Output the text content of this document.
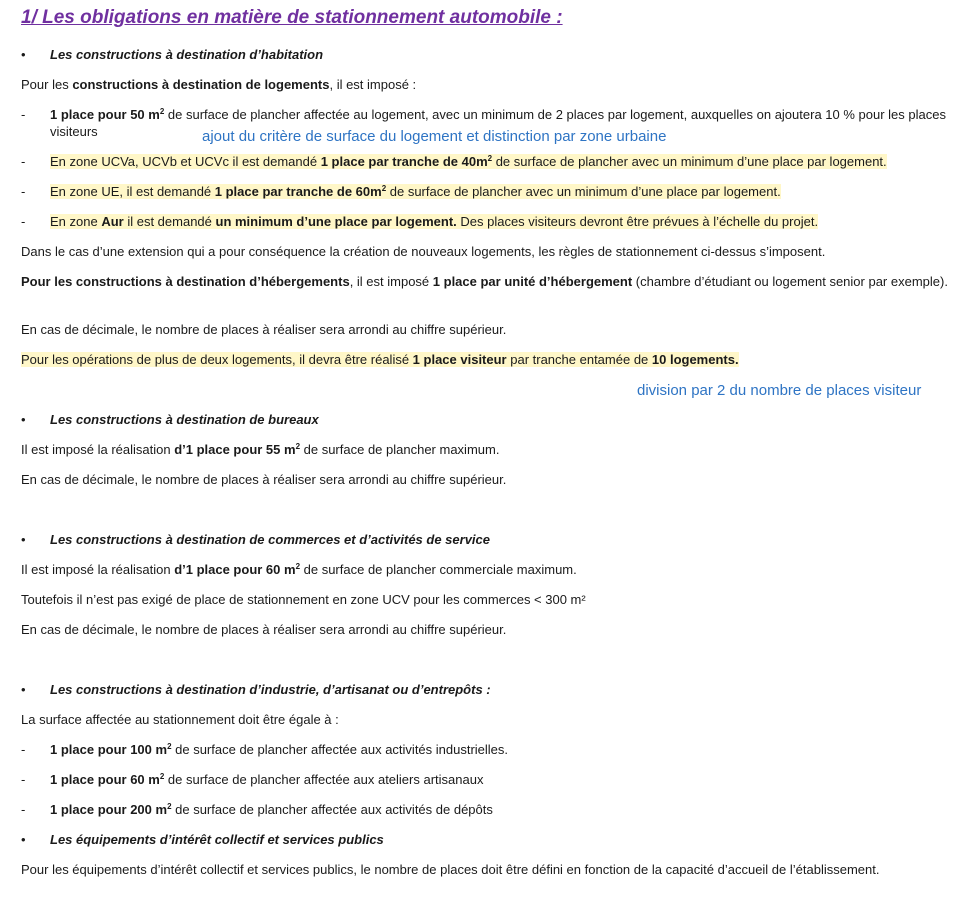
1/ Les obligations en matière de stationnement automobile :
•	Les constructions à destination d’habitation
Pour les constructions à destination de logements, il est imposé :
-	1 place pour 50 $m^2$ de surface de plancher affectée au logement, avec un minimum de 2 places par logement, auxquelles on ajoutera 10 % pour les places visiteurs	ajout du critère de surface du logement et distinction par zone urbaine
-	En zone UCVa, UCVb et UCVc il est demandé 1 place par tranche de $40m^2$ de surface de plancher avec un minimum d’une place par logement.
-	En zone UE, il est demandé 1 place par tranche de $60m^2$ de surface de plancher avec un minimum d’une place par logement.
-	En zone Aur il est demandé un minimum d’une place par logement. Des places visiteurs devront être prévues à l’échelle du projet.
Dans le cas d’une extension qui a pour conséquence la création de nouveaux logements, les règles de stationnement ci-dessus s’imposent.
Pour les constructions à destination d’hébergements, il est imposé 1 place par unité d’hébergement (chambre d’étudiant ou logement senior par exemple).
En cas de décimale, le nombre de places à réaliser sera arrondi au chiffre supérieur.
Pour les opérations de plus de deux logements, il devra être réalisé 1 place visiteur par tranche entamée de 10 logements.
division par 2 du nombre de places visiteur
•	Les constructions à destination de bureaux
Il est imposé la réalisation d’1 place pour 55 $m^2$ de surface de plancher maximum.
En cas de décimale, le nombre de places à réaliser sera arrondi au chiffre supérieur.
•	Les constructions à destination de commerces et d’activités de service
Il est imposé la réalisation d’1 place pour 60 $m^2$ de surface de plancher commerciale maximum.
Toutefois il n’est pas exigé de place de stationnement en zone UCV pour les commerces < 300 m²
En cas de décimale, le nombre de places à réaliser sera arrondi au chiffre supérieur.
•	Les constructions à destination d’industrie, d’artisanat ou d’entrepôts :
La surface affectée au stationnement doit être égale à :
-	1 place pour 100 $m^2$ de surface de plancher affectée aux activités industrielles.
-	1 place pour 60 $m^2$ de surface de plancher affectée aux ateliers artisanaux
-	1 place pour 200 $m^2$ de surface de plancher affectée aux activités de dépôts
•	Les équipements d’intérêt collectif et services publics
Pour les équipements d’intérêt collectif et services publics, le nombre de places doit être défini en fonction de la capacité d’accueil de l’établissement.
